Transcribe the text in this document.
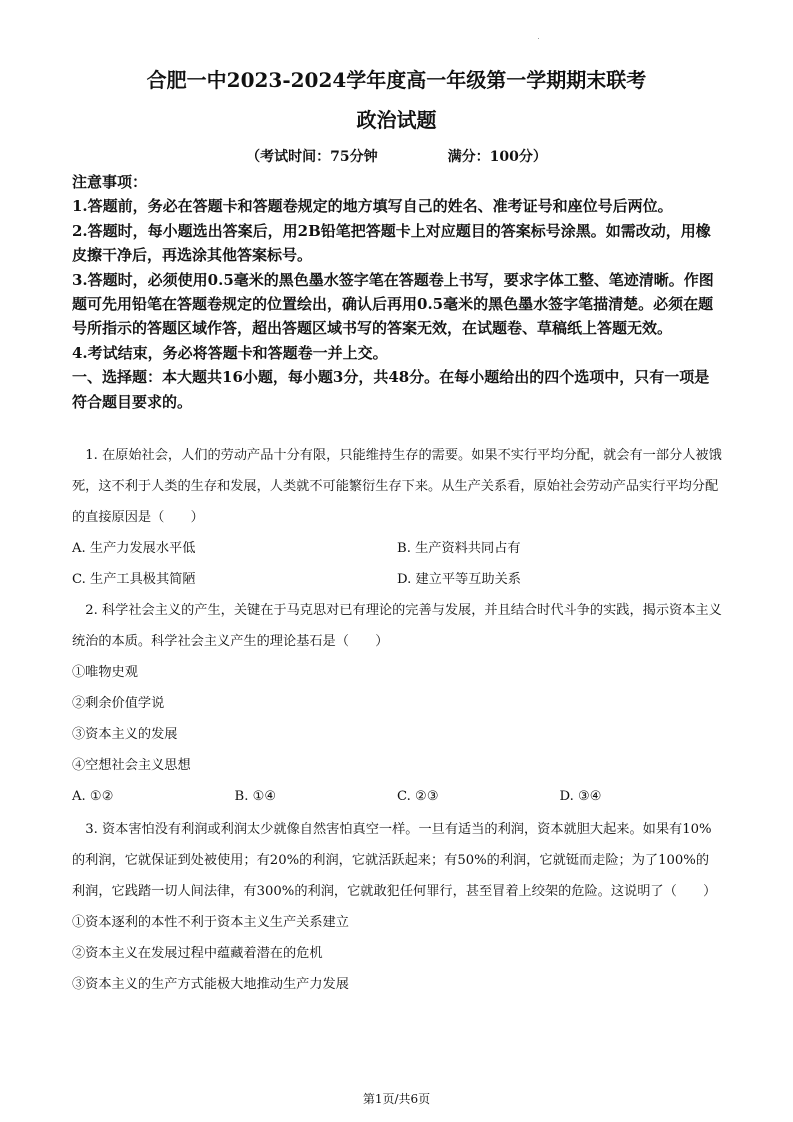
合肥一中2023-2024学年度高一年级第一学期期末联考
政治试题
（考试时间：75分钟	满分：100分）

注意事项：

1.答题前，务必在答题卡和答题卷规定的地方填写自己的姓名、准考证号和座位号后两位。

2.答题时，每小题选出答案后，用2B铅笔把答题卡上对应题目的答案标号涂黑。如需改动，用橡皮擦干净后，再选涂其他答案标号。

3.答题时，必须使用0.5毫米的黑色墨水签字笔在答题卷上书写，要求字体工整、笔迹清晰。作图题可先用铅笔在答题卷规定的位置绘出，确认后再用0.5毫米的黑色墨水签字笔描清楚。必须在题号所指示的答题区域作答，超出答题区域书写的答案无效，在试题卷、草稿纸上答题无效。

4.考试结束，务必将答题卡和答题卷一并上交。

一、选择题：本大题共16小题，每小题3分，共48分。在每小题给出的四个选项中，只有一项是符合题目要求的。

1. 在原始社会，人们的劳动产品十分有限，只能维持生存的需要。如果不实行平均分配，就会有一部分人被饿死，这不利于人类的生存和发展，人类就不可能繁衍生存下来。从生产关系看，原始社会劳动产品实行平均分配的直接原因是（　　）

A. 生产力发展水平低	B. 生产资料共同占有
C. 生产工具极其简陋	D. 建立平等互助关系

2. 科学社会主义的产生，关键在于马克思对已有理论的完善与发展，并且结合时代斗争的实践，揭示资本主义统治的本质。科学社会主义产生的理论基石是（　　）

①唯物史观

②剩余价值学说

③资本主义的发展

④空想社会主义思想

A. ①②	B. ①④	C. ②③	D. ③④

3. 资本害怕没有利润或利润太少就像自然害怕真空一样。一旦有适当的利润，资本就胆大起来。如果有10%的利润，它就保证到处被使用；有20%的利润，它就活跃起来；有50%的利润，它就铤而走险；为了100%的利润，它践踏一切人间法律，有300%的利润，它就敢犯任何罪行，甚至冒着上绞架的危险。这说明了（　　）

①资本逐利的本性不利于资本主义生产关系建立

②资本主义在发展过程中蕴藏着潜在的危机

③资本主义的生产方式能极大地推动生产力发展

第1页/共6页
